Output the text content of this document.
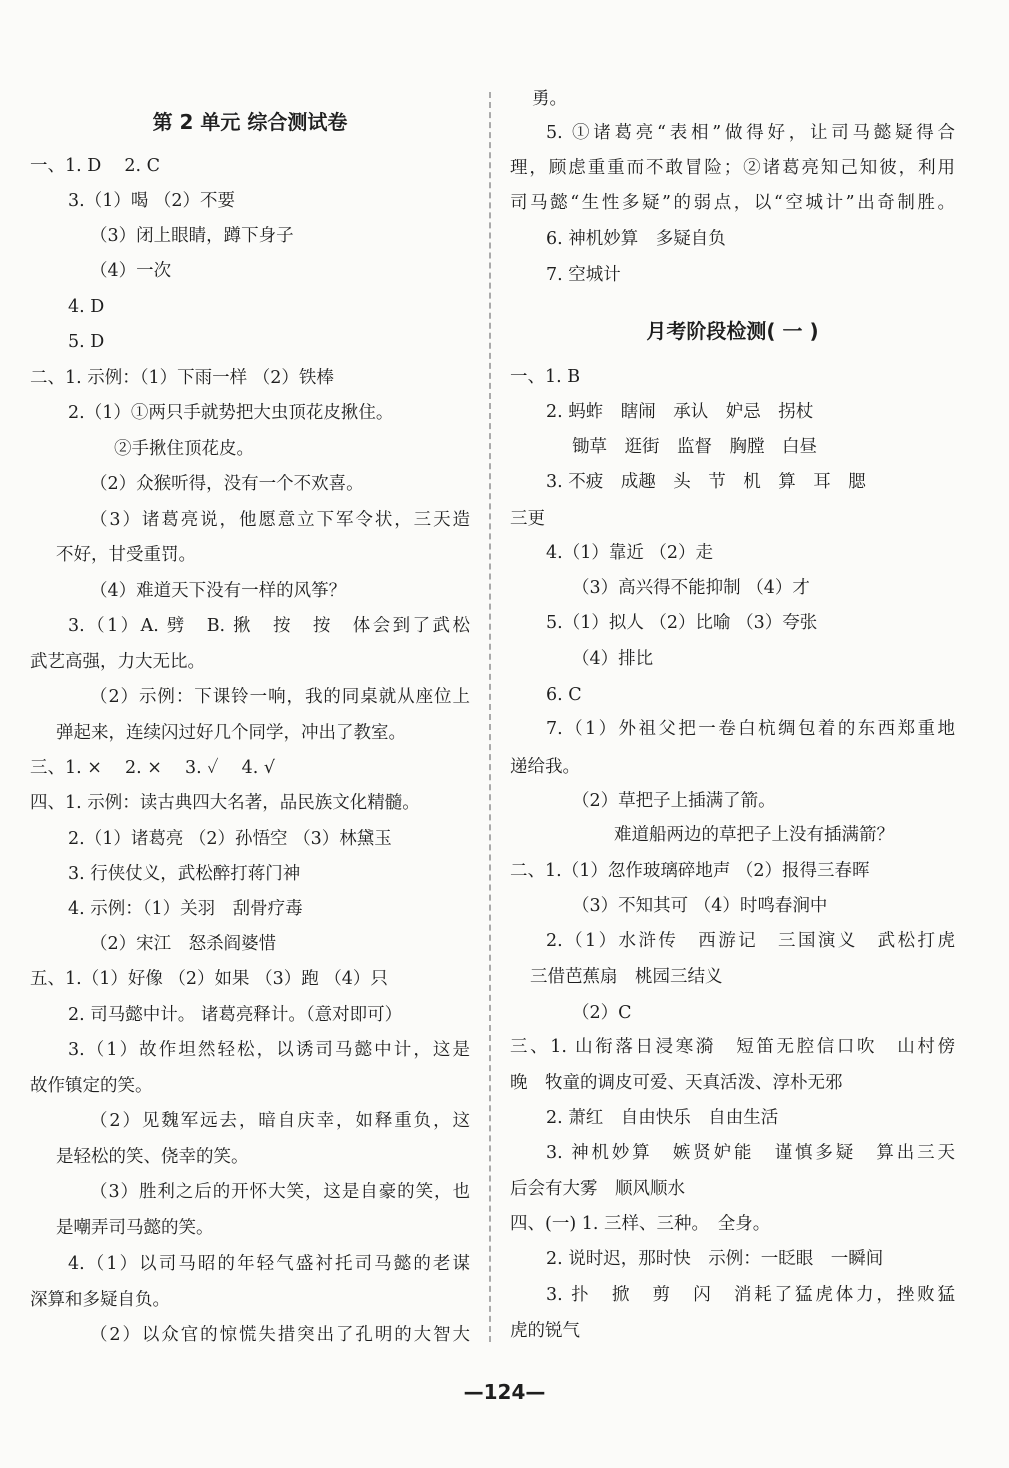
第 2 单元 综合测试卷
一、1. D　 2. C
3.（1）喝 （2）不要
（3）闭上眼睛，蹲下身子
（4）一次
4. D
5. D
二、1. 示例：（1）下雨一样 （2）铁棒
2.（1）①两只手就势把大虫顶花皮揪住。
②手揪住顶花皮。
（2）众猴听得，没有一个不欢喜。
（3）诸葛亮说，他愿意立下军令状，三天造
不好，甘受重罚。
（4）难道天下没有一样的风筝？
3.（1）A. 劈　B. 揪　按　按　体会到了武松
武艺高强，力大无比。
（2）示例：下课铃一响，我的同桌就从座位上
弹起来，连续闪过好几个同学，冲出了教室。
三、1. ×　 2. ×　 3. ✓　 4. √
四、1. 示例：读古典四大名著，品民族文化精髓。
2.（1）诸葛亮 （2）孙悟空 （3）林黛玉
3. 行侠仗义，武松醉打蒋门神
4. 示例：（1）关羽　刮骨疗毒
（2）宋江　怒杀阎婆惜
五、1.（1）好像 （2）如果 （3）跑 （4）只
2. 司马懿中计。 诸葛亮释计。（意对即可）
3.（1）故作坦然轻松，以诱司马懿中计，这是
故作镇定的笑。
（2）见魏军远去，暗自庆幸，如释重负，这
是轻松的笑、侥幸的笑。
（3）胜利之后的开怀大笑，这是自豪的笑，也
是嘲弄司马懿的笑。
4.（1）以司马昭的年轻气盛衬托司马懿的老谋
深算和多疑自负。
（2）以众官的惊慌失措突出了孔明的大智大
勇。
5. ①诸葛亮“表相”做得好，让司马懿疑得合
理，顾虑重重而不敢冒险；②诸葛亮知己知彼，利用
司马懿“生性多疑”的弱点，以“空城计”出奇制胜。
6. 神机妙算　多疑自负
7. 空城计
月考阶段检测( 一 )
一、1. B
2. 蚂蚱　瞎闹　承认　妒忌　拐杖
锄草　逛街　监督　胸膛　白昼
3. 不疲　成趣　头　节　机　算　耳　腮
三更
4.（1）靠近 （2）走
（3）高兴得不能抑制 （4）才
5.（1）拟人 （2）比喻 （3）夸张
（4）排比
6. C
7.（1）外祖父把一卷白杭绸包着的东西郑重地
递给我。
（2）草把子上插满了箭。
难道船两边的草把子上没有插满箭？
二、1.（1）忽作玻璃碎地声 （2）报得三春晖
（3）不知其可 （4）时鸣春涧中
2.（1）水浒传　西游记　三国演义　武松打虎
三借芭蕉扇　桃园三结义
（2）C
三、1. 山衔落日浸寒漪　短笛无腔信口吹　山村傍
晚　牧童的调皮可爱、天真活泼、淳朴无邪
2. 萧红　自由快乐　自由生活
3. 神机妙算　嫉贤妒能　谨慎多疑　算出三天
后会有大雾　顺风顺水
四、(一) 1. 三样、三种。　全身。
2. 说时迟，那时快　示例：一眨眼　一瞬间
3. 扑　掀　剪　闪　消耗了猛虎体力，挫败猛
虎的锐气
—124—
